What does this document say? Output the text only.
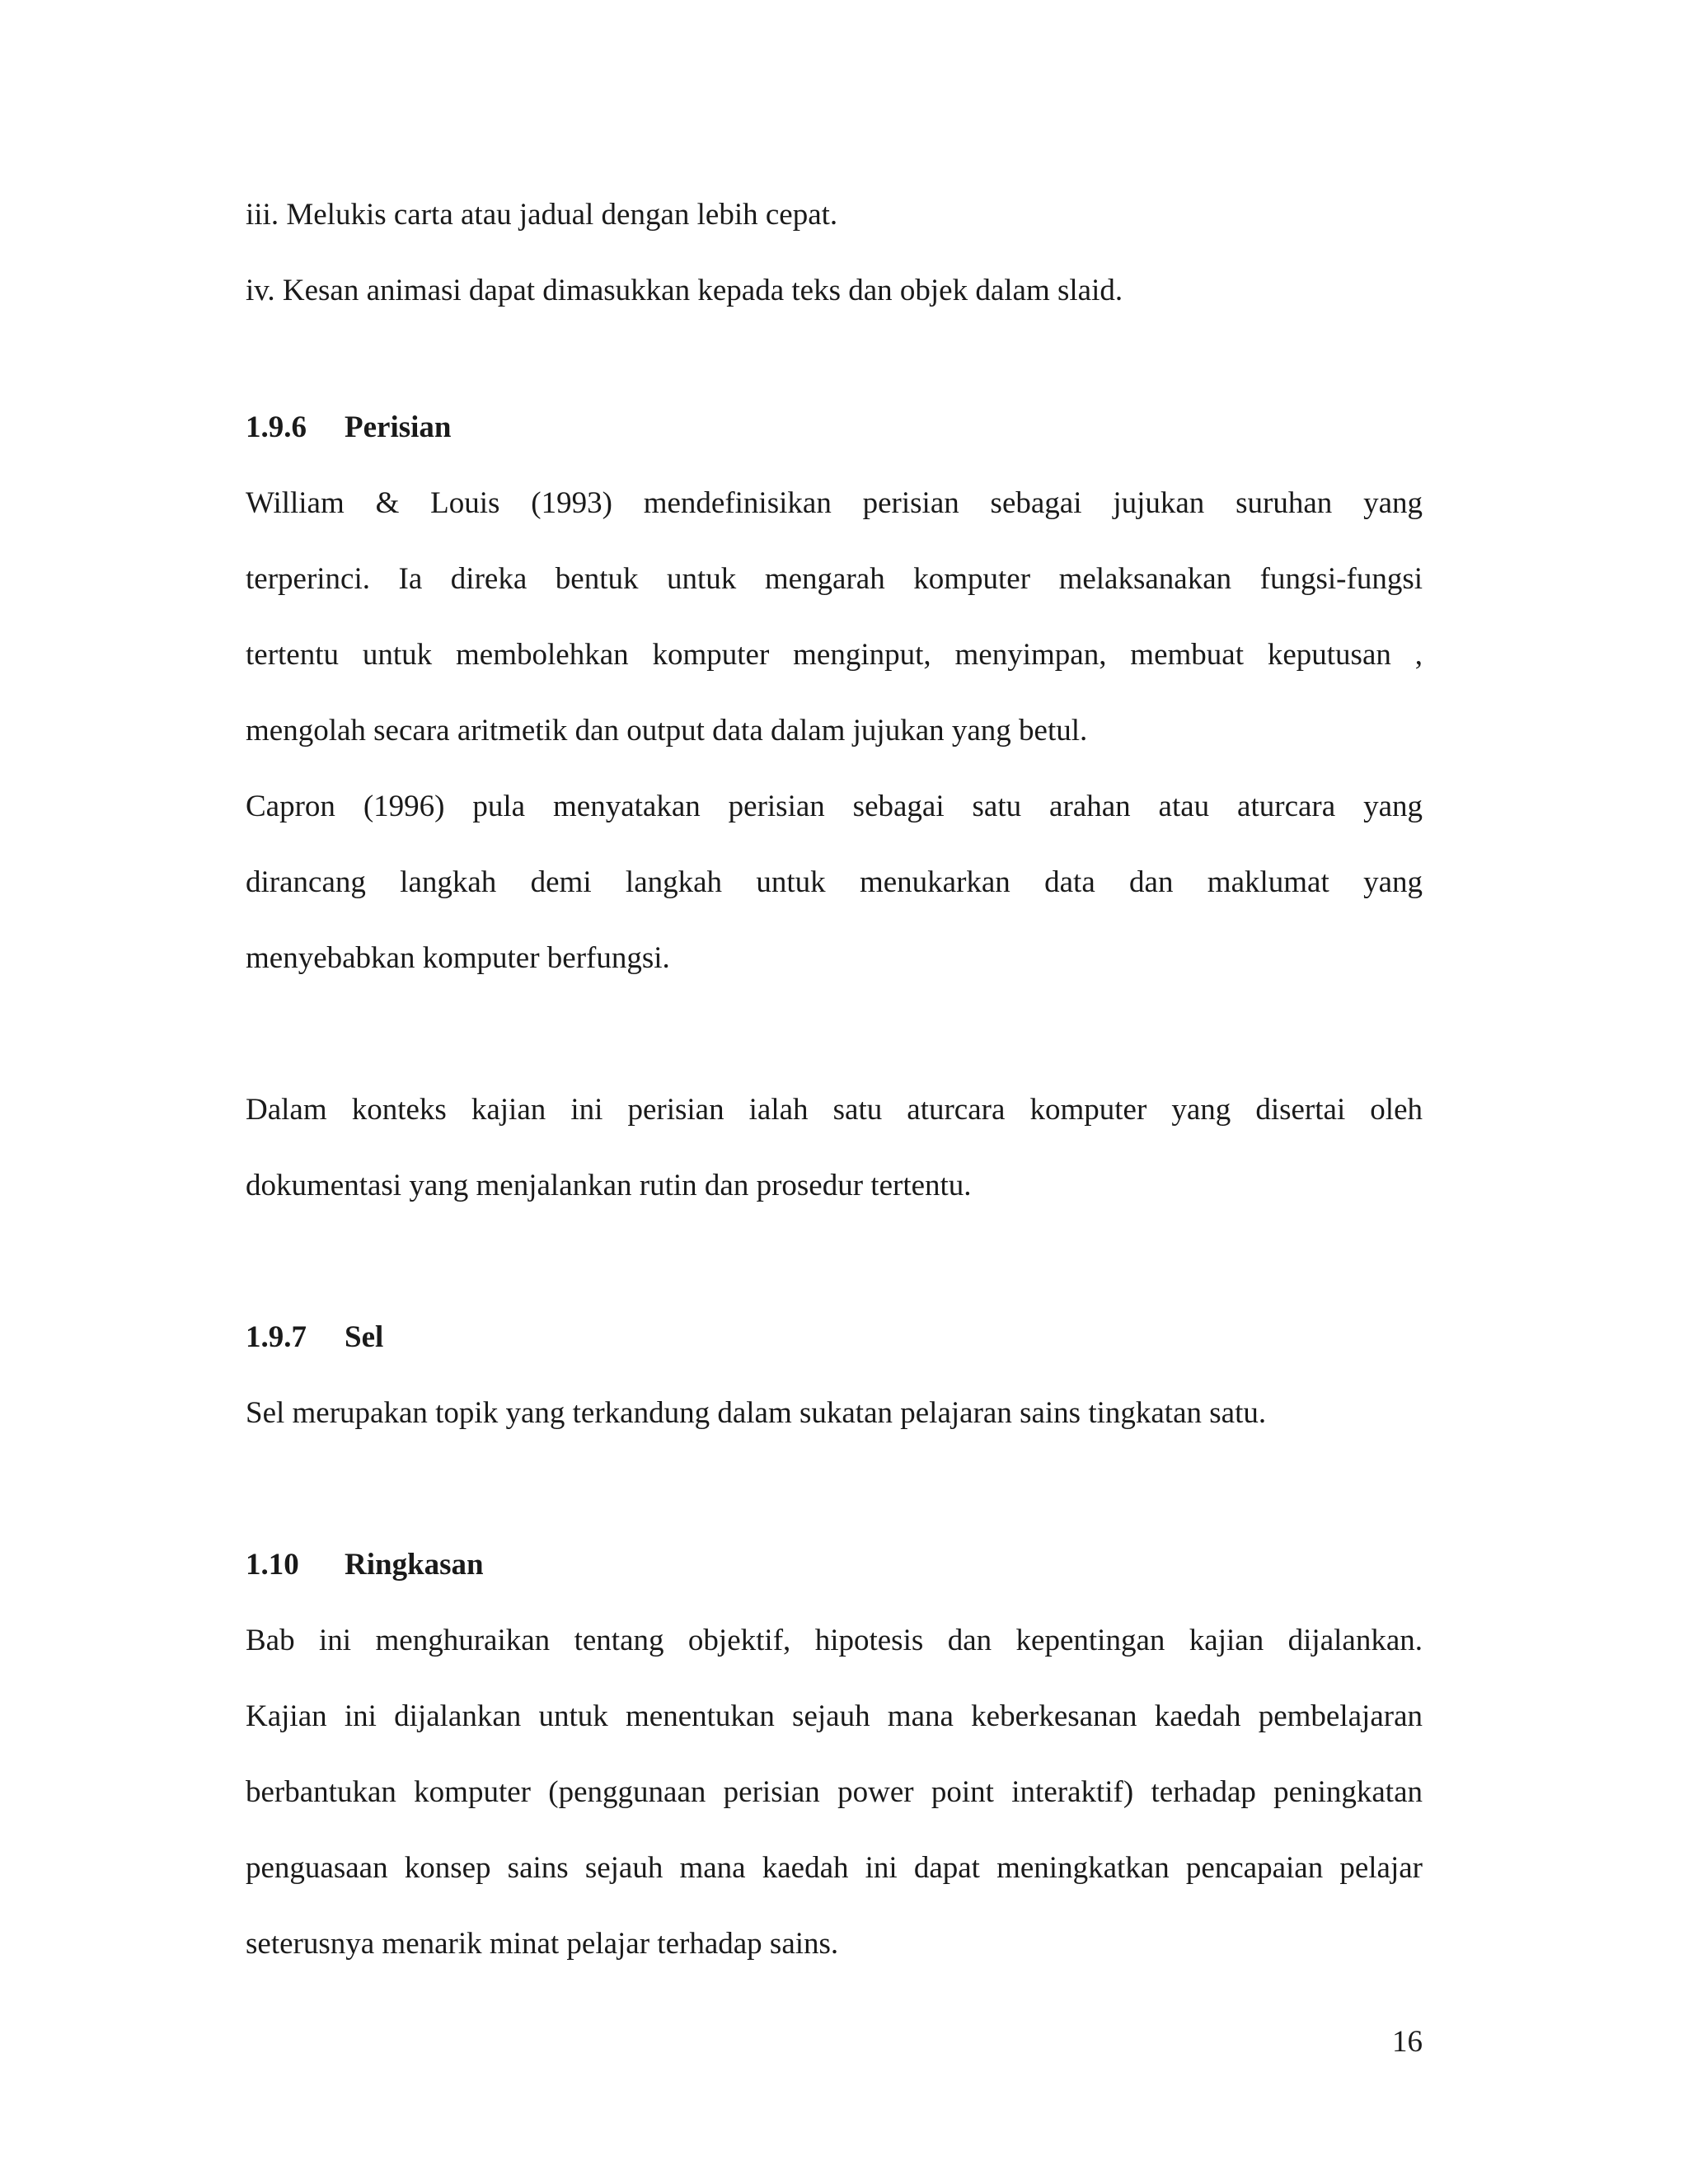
iii. Melukis carta atau jadual dengan lebih cepat.
iv. Kesan animasi dapat dimasukkan kepada teks dan objek dalam slaid.
1.9.6 Perisian
William & Louis (1993) mendefinisikan perisian sebagai jujukan suruhan yang
terperinci. Ia direka bentuk untuk mengarah komputer melaksanakan fungsi-fungsi
tertentu untuk membolehkan komputer menginput, menyimpan, membuat keputusan ,
mengolah secara aritmetik dan output data dalam jujukan yang betul.
Capron (1996) pula menyatakan perisian sebagai satu arahan atau aturcara yang
dirancang langkah demi langkah untuk menukarkan data dan maklumat yang
menyebabkan komputer berfungsi.
Dalam konteks kajian ini perisian ialah satu aturcara komputer yang disertai oleh
dokumentasi yang menjalankan rutin dan prosedur tertentu.
1.9.7 Sel
Sel merupakan topik yang terkandung dalam sukatan pelajaran sains tingkatan satu.
1.10 Ringkasan
Bab ini menghuraikan tentang objektif, hipotesis dan kepentingan kajian dijalankan.
Kajian ini dijalankan untuk menentukan sejauh mana keberkesanan kaedah pembelajaran
berbantukan komputer (penggunaan perisian power point interaktif) terhadap peningkatan
penguasaan konsep sains sejauh mana kaedah ini dapat meningkatkan pencapaian pelajar
seterusnya menarik minat pelajar terhadap sains.
16
